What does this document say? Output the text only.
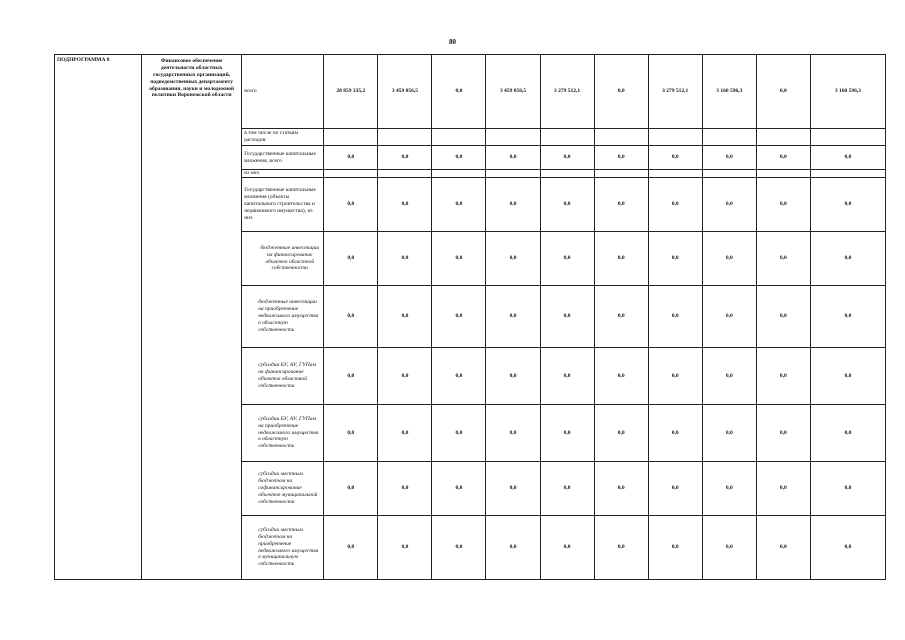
80
ПОДПРОГРАММА 8	Финансовое обеспечение деятельности областных государственных организаций, подведомственных департаменту образования, науки и молодежной политики Воронежской области	всего	28 859 335,2	3 459 056,5	0,0	3 459 056,5	3 279 512,1	0,0	3 279 512,1	3 160 596,3	0,0	3 160 596,3
		в том числе по статьям расходов:										
		Государственные капитальные вложения, всего	0,0	0,0	0,0	0,0	0,0	0,0	0,0	0,0	0,0	0,0
		из них										
		Государственные капитальные вложения (объекты капитального строительства и недвижимого имущества), из них	0,0	0,0	0,0	0,0	0,0	0,0	0,0	0,0	0,0	0,0
		бюджетные инвестиции на финансирование объектов областной собственности	0,0	0,0	0,0	0,0	0,0	0,0	0,0	0,0	0,0	0,0
		бюджетные инвестиции на приобретение недвижимого имущества в областную собственность	0,0	0,0	0,0	0,0	0,0	0,0	0,0	0,0	0,0	0,0
		субсидии БУ, АУ, ГУПам на финансирование объектов областной собственности	0,0	0,0	0,0	0,0	0,0	0,0	0,0	0,0	0,0	0,0
		субсидии БУ, АУ, ГУПам на приобретение недвижимого имущества в областную собственность	0,0	0,0	0,0	0,0	0,0	0,0	0,0	0,0	0,0	0,0
		субсидии местным бюджетам на софинансирование объектов муниципальной собственности	0,0	0,0	0,0	0,0	0,0	0,0	0,0	0,0	0,0	0,0
		субсидии местным бюджетам на приобретение недвижимого имущества в муниципальную собственность	0,0	0,0	0,0	0,0	0,0	0,0	0,0	0,0	0,0	0,0
